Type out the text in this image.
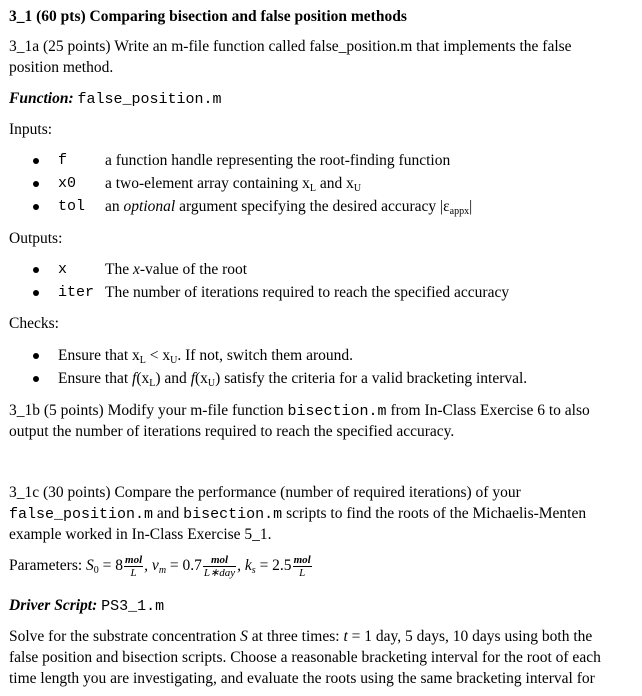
3_1 (60 pts) Comparing bisection and false position methods
3_1a (25 points) Write an m-file function called false_position.m that implements the false
position method.
Function: false_position.m
Inputs:
f a function handle representing the root-finding function
x0 a two-element array containing $x_L$ and $x_U$
tol an optional argument specifying the desired accuracy $|\varepsilon_{appx}|$
Outputs:
x The x-value of the root
iter The number of iterations required to reach the specified accuracy
Checks:
Ensure that $x_L < x_U$. If not, switch them around.
Ensure that $f(x_L)$ and $f(x_U)$ satisfy the criteria for a valid bracketing interval.
3_1b (5 points) Modify your m-file function bisection.m from In-Class Exercise 6 to also
output the number of iterations required to reach the specified accuracy.
3_1c (30 points) Compare the performance (number of required iterations) of your
false_position.m and bisection.m scripts to find the roots of the Michaelis-Menten
example worked in In-Class Exercise 5_1.
Parameters: $S_0 = 8 \frac{\text{mol}}{L}$ , $v_m = 0.7 \frac{\text{mol}}{\text{L∗day}}$ , $k_s = 2.5 \frac{\text{mol}}{L}$
Driver Script: PS3_1.m
Solve for the substrate concentration S at three times: t = 1 day, 5 days, 10 days using both the
false position and bisection scripts. Choose a reasonable bracketing interval for the root of each
time length you are investigating, and evaluate the roots using the same bracketing interval for
